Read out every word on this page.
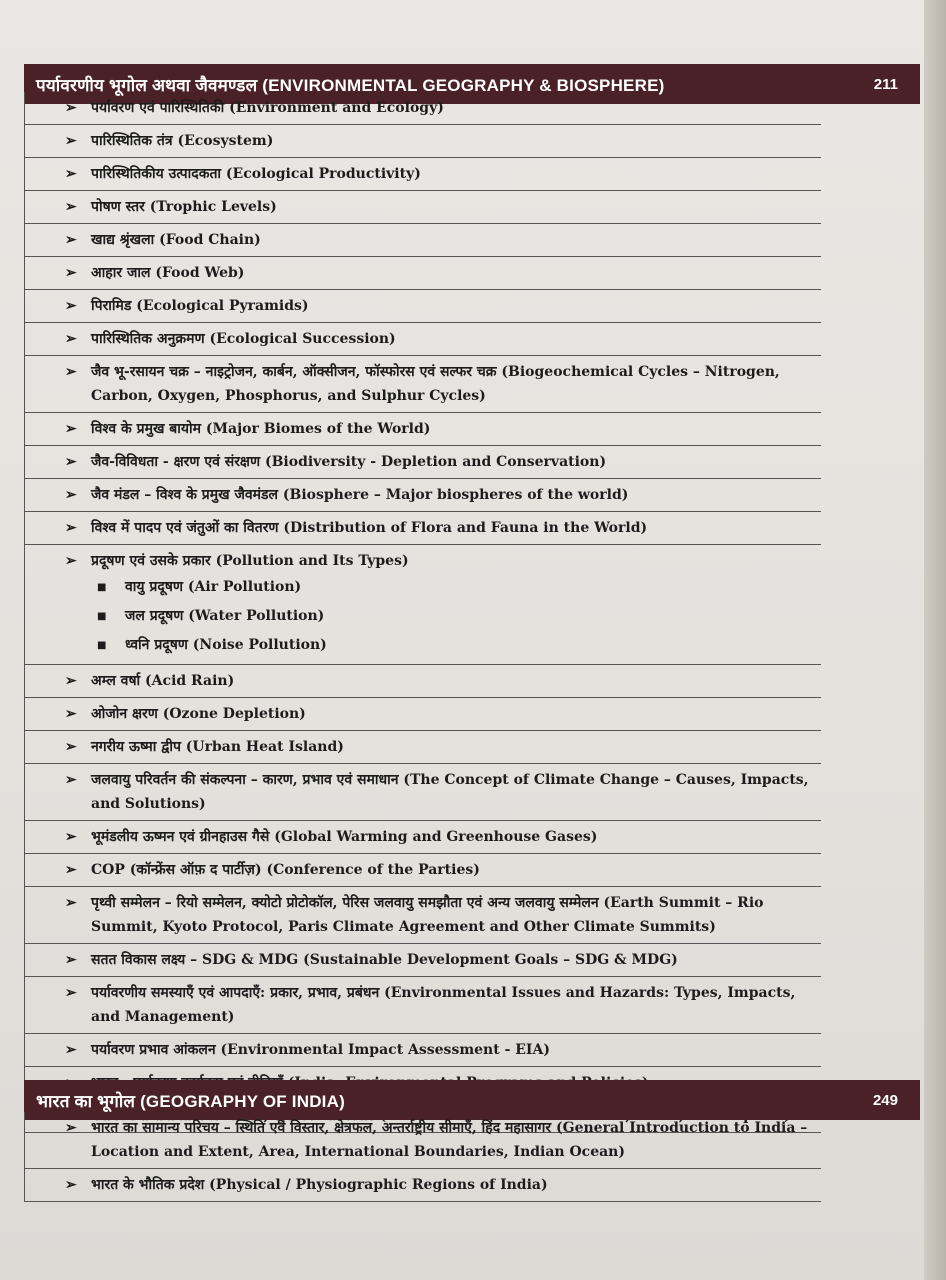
पर्यावरणीय भूगोल अथवा जैवमण्डल (ENVIRONMENTAL GEOGRAPHY & BIOSPHERE)	211
➢	पर्यावरण एवं पारिस्थितिकी (Environment and Ecology)
➢	पारिस्थितिक तंत्र (Ecosystem)
➢	पारिस्थितिकीय उत्पादकता (Ecological Productivity)
➢	पोषण स्तर (Trophic Levels)
➢	खाद्य श्रृंखला (Food Chain)
➢	आहार जाल (Food Web)
➢	पिरामिड (Ecological Pyramids)
➢	पारिस्थितिक अनुक्रमण (Ecological Succession)
➢	जैव भू-रसायन चक्र – नाइट्रोजन, कार्बन, ऑक्सीजन, फॉस्फोरस एवं सल्फर चक्र (Biogeochemical Cycles – Nitrogen, Carbon, Oxygen, Phosphorus, and Sulphur Cycles)
➢	विश्व के प्रमुख बायोम (Major Biomes of the World)
➢	जैव-विविधता - क्षरण एवं संरक्षण (Biodiversity - Depletion and Conservation)
➢	जैव मंडल – विश्व के प्रमुख जैवमंडल (Biosphere – Major biospheres of the world)
➢	विश्व में पादप एवं जंतुओं का वितरण (Distribution of Flora and Fauna in the World)
➢	प्रदूषण एवं उसके प्रकार (Pollution and Its Types)
■	वायु प्रदूषण (Air Pollution)
■	जल प्रदूषण (Water Pollution)
■	ध्वनि प्रदूषण (Noise Pollution)
➢	अम्ल वर्षा (Acid Rain)
➢	ओजोन क्षरण (Ozone Depletion)
➢	नगरीय ऊष्मा द्वीप (Urban Heat Island)
➢	जलवायु परिवर्तन की संकल्पना – कारण, प्रभाव एवं समाधान (The Concept of Climate Change – Causes, Impacts, and Solutions)
➢	भूमंडलीय ऊष्मन एवं ग्रीनहाउस गैसे (Global Warming and Greenhouse Gases)
➢	COP (कॉन्फ्रेंस ऑफ़ द पार्टीज़) (Conference of the Parties)
➢	पृथ्वी सम्मेलन – रियो सम्मेलन, क्योटो प्रोटोकॉल, पेरिस जलवायु समझौता एवं अन्य जलवायु सम्मेलन (Earth Summit – Rio Summit, Kyoto Protocol, Paris Climate Agreement and Other Climate Summits)
➢	सतत विकास लक्ष्य – SDG & MDG (Sustainable Development Goals – SDG & MDG)
➢	पर्यावरणीय समस्याएँ एवं आपदाएँ: प्रकार, प्रभाव, प्रबंधन (Environmental Issues and Hazards: Types, Impacts, and Management)
➢	पर्यावरण प्रभाव आंकलन (Environmental Impact Assessment - EIA)
भारत का भूगोल (GEOGRAPHY OF INDIA)	249
➢	भारत का सामान्य परिचय – स्थिति एवं विस्तार, क्षेत्रफल, अन्तर्राष्ट्रीय सीमाएँ, हिंद महासागर (General Introduction to India – Location and Extent, Area, International Boundaries, Indian Ocean)
➢	भारत के भौतिक प्रदेश (Physical / Physiographic Regions of India)
